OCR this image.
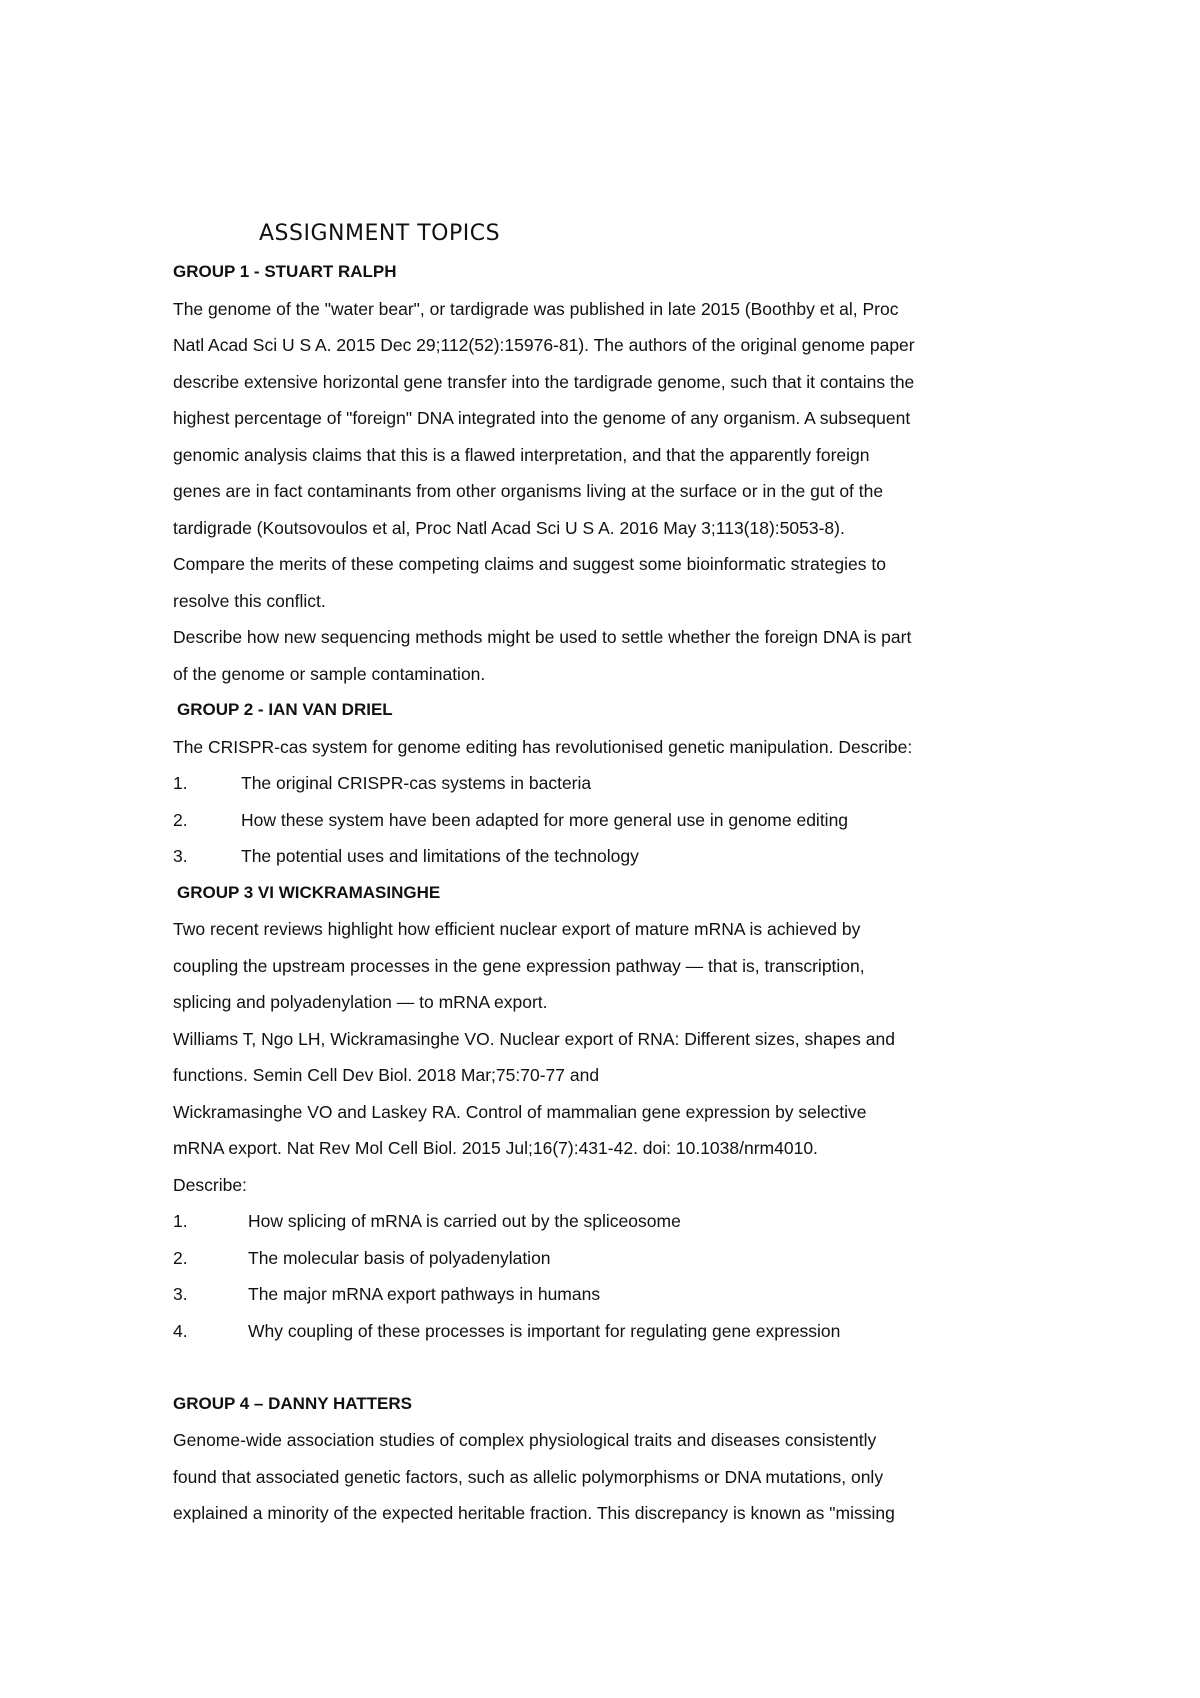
ASSIGNMENT TOPICS
GROUP 1 - STUART RALPH
The genome of the "water bear", or tardigrade was published in late 2015 (Boothby et al, Proc
Natl Acad Sci U S A. 2015 Dec 29;112(52):15976-81). The authors of the original genome paper
describe extensive horizontal gene transfer into the tardigrade genome, such that it contains the
highest percentage of "foreign" DNA integrated into the genome of any organism. A subsequent
genomic analysis claims that this is a flawed interpretation, and that the apparently foreign
genes are in fact contaminants from other organisms living at the surface or in the gut of the
tardigrade (Koutsovoulos et al, Proc Natl Acad Sci U S A. 2016 May 3;113(18):5053-8).
Compare the merits of these competing claims and suggest some bioinformatic strategies to
resolve this conflict.
Describe how new sequencing methods might be used to settle whether the foreign DNA is part
of the genome or sample contamination.
GROUP 2 - IAN VAN DRIEL
The CRISPR-cas system for genome editing has revolutionised genetic manipulation. Describe:
1.	The original CRISPR-cas systems in bacteria
2.	How these system have been adapted for more general use in genome editing
3.	The potential uses and limitations of the technology
GROUP 3 VI WICKRAMASINGHE
Two recent reviews highlight how efficient nuclear export of mature mRNA is achieved by
coupling the upstream processes in the gene expression pathway — that is, transcription,
splicing and polyadenylation — to mRNA export.
Williams T, Ngo LH, Wickramasinghe VO. Nuclear export of RNA: Different sizes, shapes and
functions. Semin Cell Dev Biol. 2018 Mar;75:70-77 and
Wickramasinghe VO and Laskey RA. Control of mammalian gene expression by selective
mRNA export. Nat Rev Mol Cell Biol. 2015 Jul;16(7):431-42. doi: 10.1038/nrm4010.
Describe:
1.	How splicing of mRNA is carried out by the spliceosome
2.	The molecular basis of polyadenylation
3.	The major mRNA export pathways in humans
4.	Why coupling of these processes is important for regulating gene expression
GROUP 4 – DANNY HATTERS
Genome-wide association studies of complex physiological traits and diseases consistently
found that associated genetic factors, such as allelic polymorphisms or DNA mutations, only
explained a minority of the expected heritable fraction. This discrepancy is known as "missing
